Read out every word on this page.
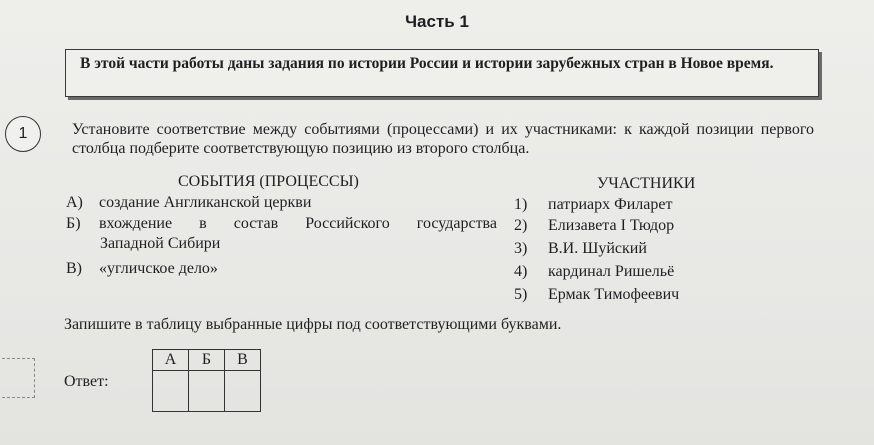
Часть 1
В этой части работы даны задания по истории России и истории зарубежных стран в Новое время.
1	Установите соответствие между событиями (процессами) и их участниками: к каждой позиции первого столбца подберите соответствующую позицию из второго столбца.
СОБЫТИЯ (ПРОЦЕССЫ)	УЧАСТНИКИ
А) создание Англиканской церкви
Б) вхождение в состав Российского государства
Западной Сибири
В) «угличское дело»
1) патриарх Филарет
2) Елизавета I Тюдор
3) В.И. Шуйский
4) кардинал Ришельё
5) Ермак Тимофеевич
Запишите в таблицу выбранные цифры под соответствующими буквами.
Ответ:
А	Б	В
